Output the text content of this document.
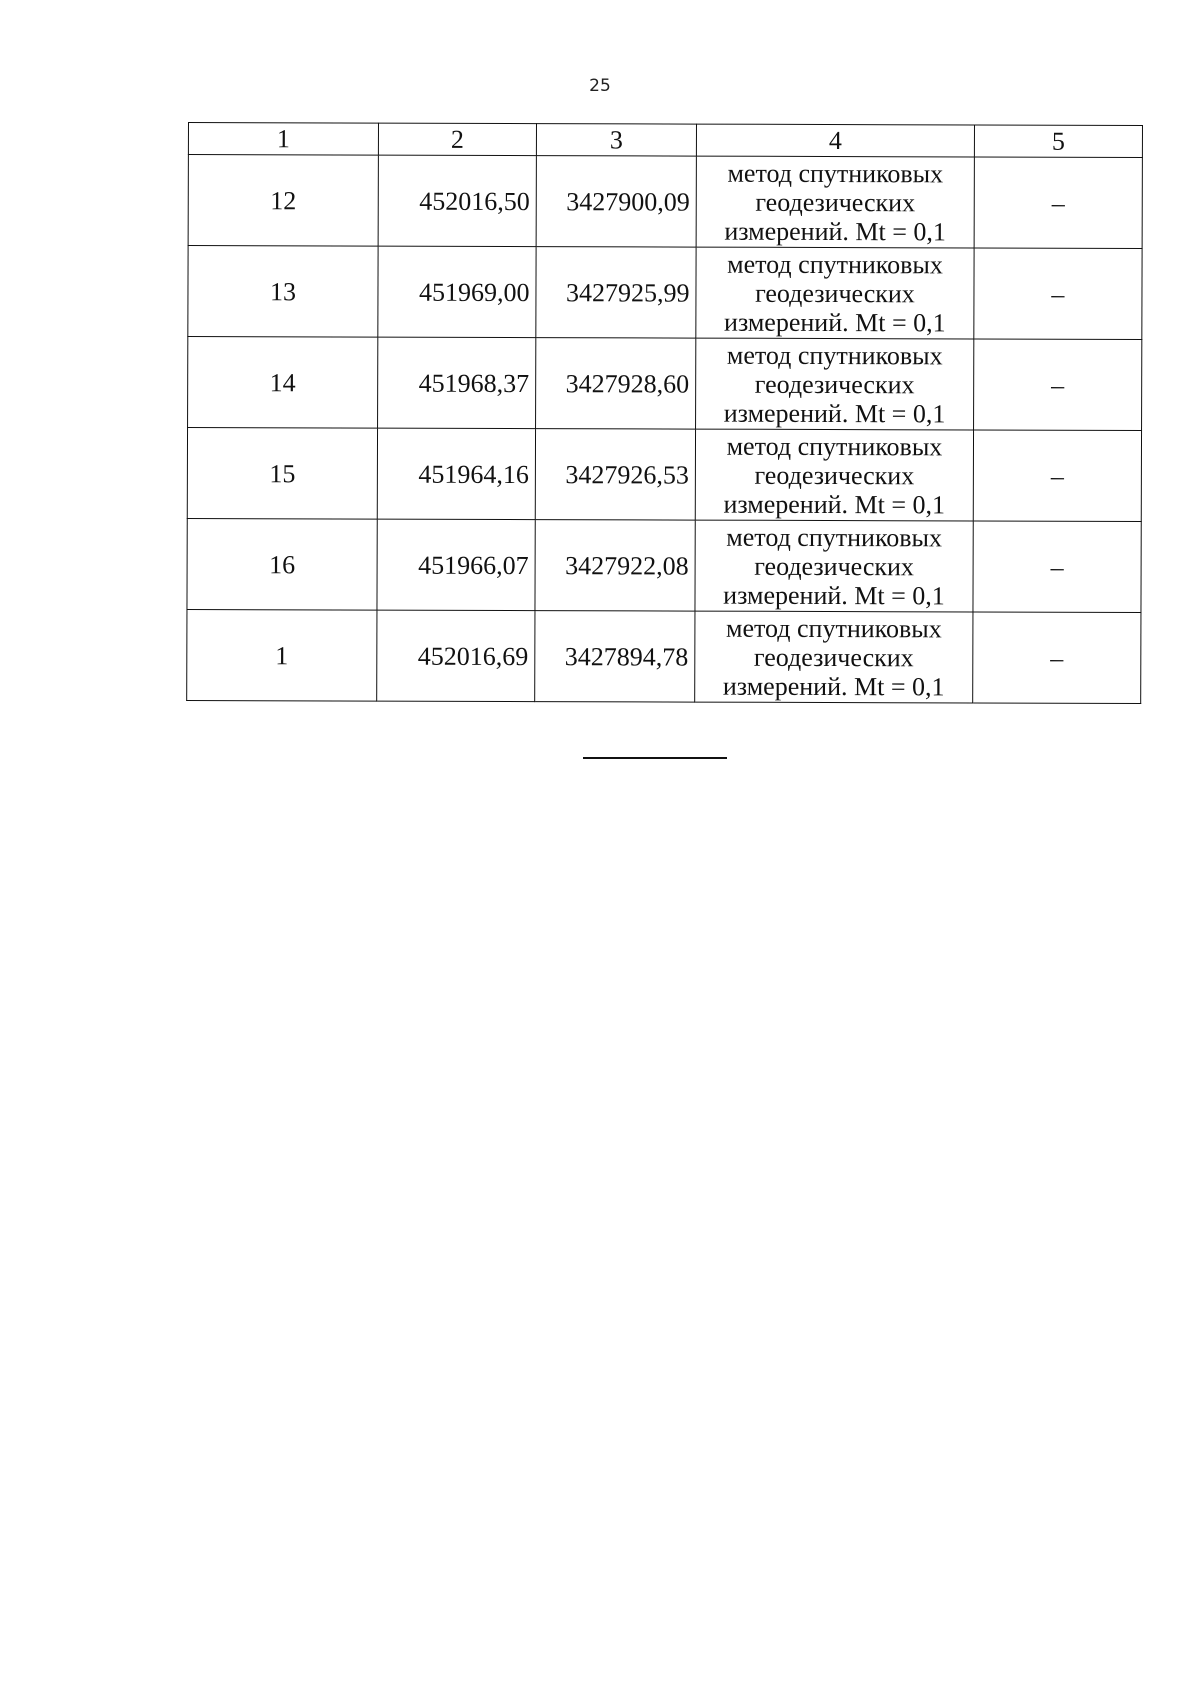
25
1	2	3	4	5
12	452016,50	3427900,09	метод спутниковых
геодезических
измерений. Mt = 0,1	–
13	451969,00	3427925,99	метод спутниковых
геодезических
измерений. Mt = 0,1	–
14	451968,37	3427928,60	метод спутниковых
геодезических
измерений. Mt = 0,1	–
15	451964,16	3427926,53	метод спутниковых
геодезических
измерений. Mt = 0,1	–
16	451966,07	3427922,08	метод спутниковых
геодезических
измерений. Mt = 0,1	–
1	452016,69	3427894,78	метод спутниковых
геодезических
измерений. Mt = 0,1	–
